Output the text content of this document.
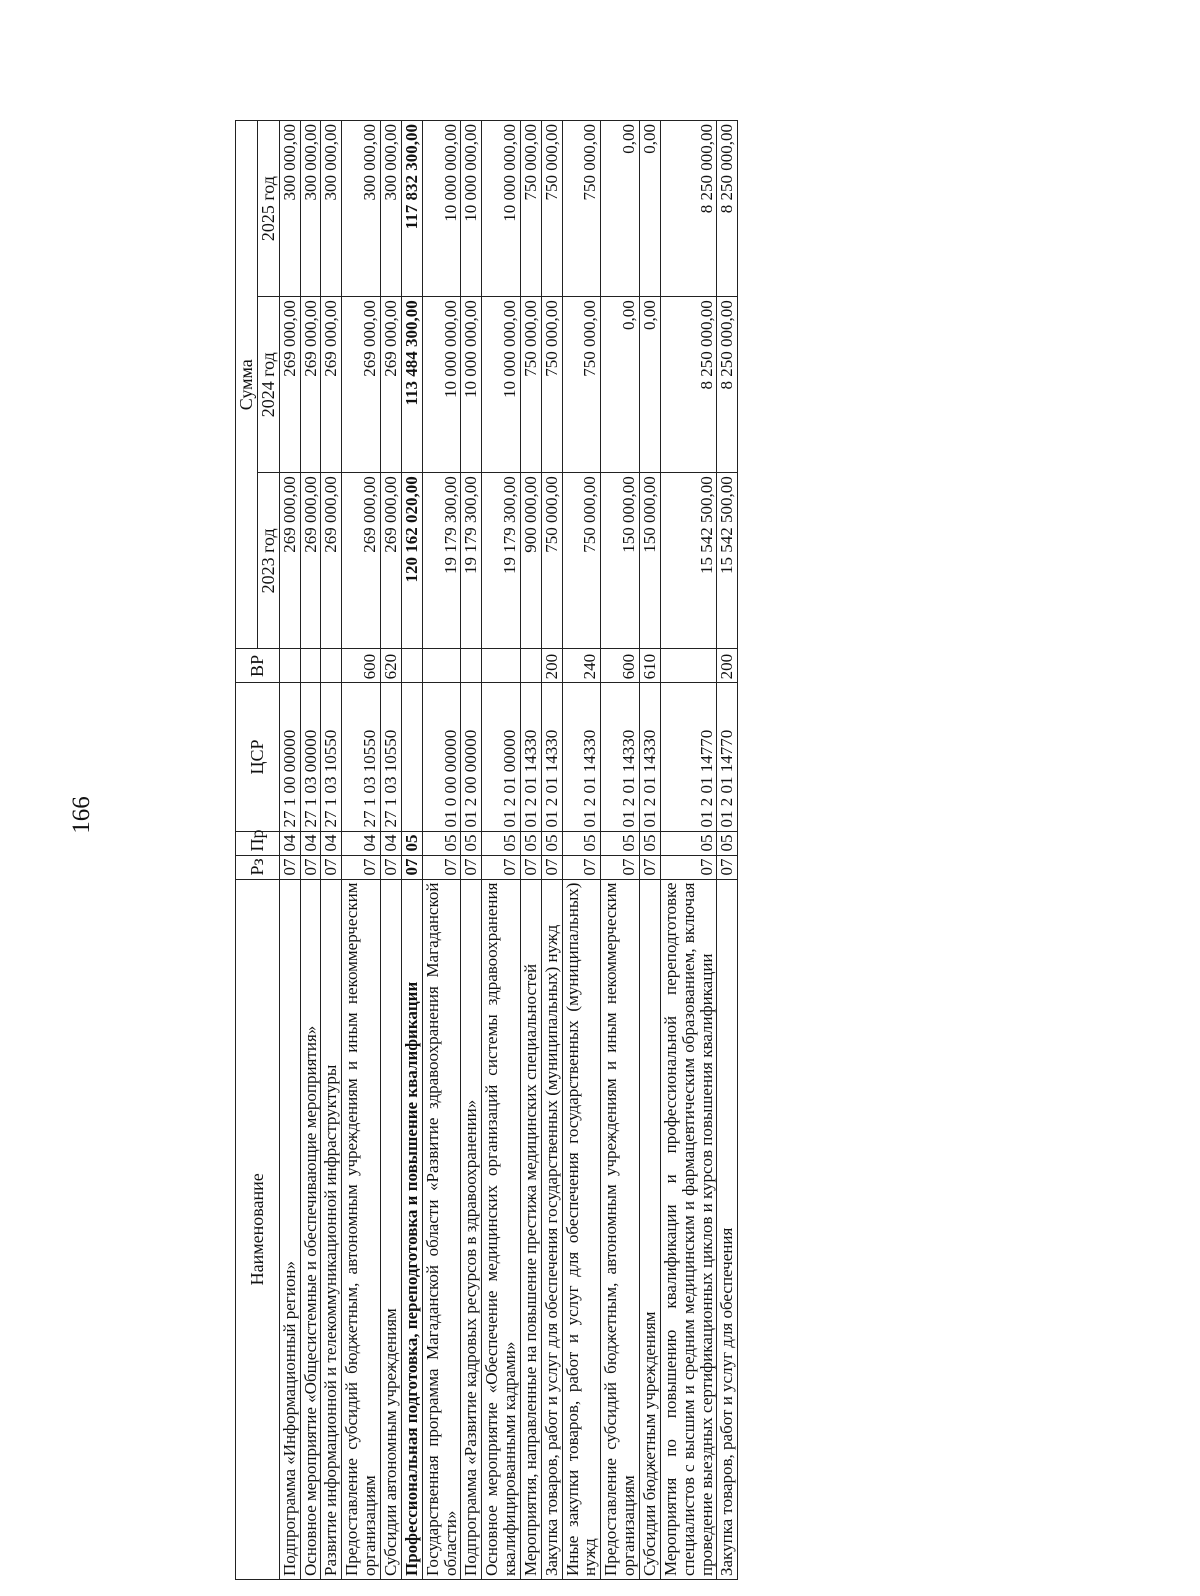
166
Наименование	Рз	Пр	ЦСР	ВР	Сумма		
					2023 год	2024 год	2025 год
Подпрограмма «Информационный регион»	07	04	27 1 00 00000		269 000,00	269 000,00	300 000,00
Основное мероприятие «Общесистемные и обеспечивающие мероприятия»	07	04	27 1 03 00000		269 000,00	269 000,00	300 000,00
Развитие информационной и телекоммуникационной инфраструктуры	07	04	27 1 03 10550		269 000,00	269 000,00	300 000,00
Предоставление субсидий бюджетным, автономным учреждениям и иным некоммерческим организациям	07	04	27 1 03 10550	600	269 000,00	269 000,00	300 000,00
Субсидии автономным учреждениям	07	04	27 1 03 10550	620	269 000,00	269 000,00	300 000,00
Профессиональная подготовка, переподготовка и повышение квалификации	07	05			120 162 020,00	113 484 300,00	117 832 300,00
Государственная программа Магаданской области «Развитие здравоохранения Магаданской области»	07	05	01 0 00 00000		19 179 300,00	10 000 000,00	10 000 000,00
Подпрограмма «Развитие кадровых ресурсов в здравоохранении»	07	05	01 2 00 00000		19 179 300,00	10 000 000,00	10 000 000,00
Основное мероприятие «Обеспечение медицинских организаций системы здравоохранения квалифицированными кадрами»	07	05	01 2 01 00000		19 179 300,00	10 000 000,00	10 000 000,00
Мероприятия, направленные на повышение престижа медицинских специальностей	07	05	01 2 01 14330		900 000,00	750 000,00	750 000,00
Закупка товаров, работ и услуг для обеспечения государственных (муниципальных) нужд	07	05	01 2 01 14330	200	750 000,00	750 000,00	750 000,00
Иные закупки товаров, работ и услуг для обеспечения государственных (муниципальных) нужд	07	05	01 2 01 14330	240	750 000,00	750 000,00	750 000,00
Предоставление субсидий бюджетным, автономным учреждениям и иным некоммерческим организациям	07	05	01 2 01 14330	600	150 000,00	0,00	0,00
Субсидии бюджетным учреждениям	07	05	01 2 01 14330	610	150 000,00	0,00	0,00
Мероприятия по повышению квалификации и профессиональной переподготовке специалистов с высшим и средним медицинским и фармацевтическим образованием, включая проведение выездных сертификационных циклов и курсов повышения квалификации	07	05	01 2 01 14770		15 542 500,00	8 250 000,00	8 250 000,00
Закупка товаров, работ и услуг для обеспечения	07	05	01 2 01 14770	200	15 542 500,00	8 250 000,00	8 250 000,00
